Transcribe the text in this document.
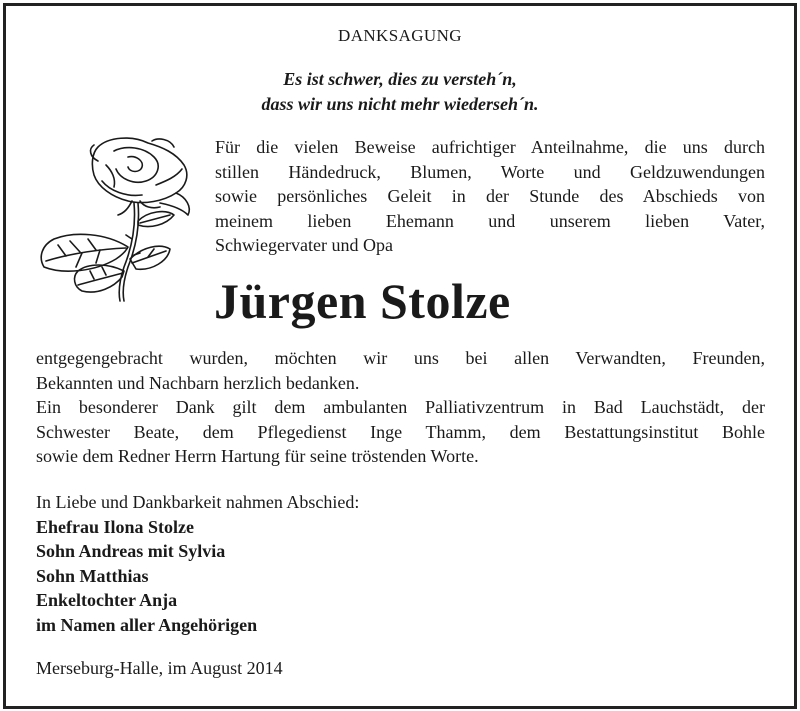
DANKSAGUNG
Es ist schwer, dies zu versteh´n,
dass wir uns nicht mehr wiederseh´n.
Für die vielen Beweise aufrichtiger Anteilnahme, die uns durch
stillen Händedruck, Blumen, Worte und Geldzuwendungen
sowie persönliches Geleit in der Stunde des Abschieds von
meinem lieben Ehemann und unserem lieben Vater,
Schwiegervater und Opa
Jürgen Stolze
entgegengebracht wurden, möchten wir uns bei allen Verwandten, Freunden,
Bekannten und Nachbarn herzlich bedanken.
Ein besonderer Dank gilt dem ambulanten Palliativzentrum in Bad Lauchstädt, der
Schwester Beate, dem Pflegedienst Inge Thamm, dem Bestattungsinstitut Bohle
sowie dem Redner Herrn Hartung für seine tröstenden Worte.
In Liebe und Dankbarkeit nahmen Abschied:
Ehefrau Ilona Stolze
Sohn Andreas mit Sylvia
Sohn Matthias
Enkeltochter Anja
im Namen aller Angehörigen
Merseburg-Halle, im August 2014
